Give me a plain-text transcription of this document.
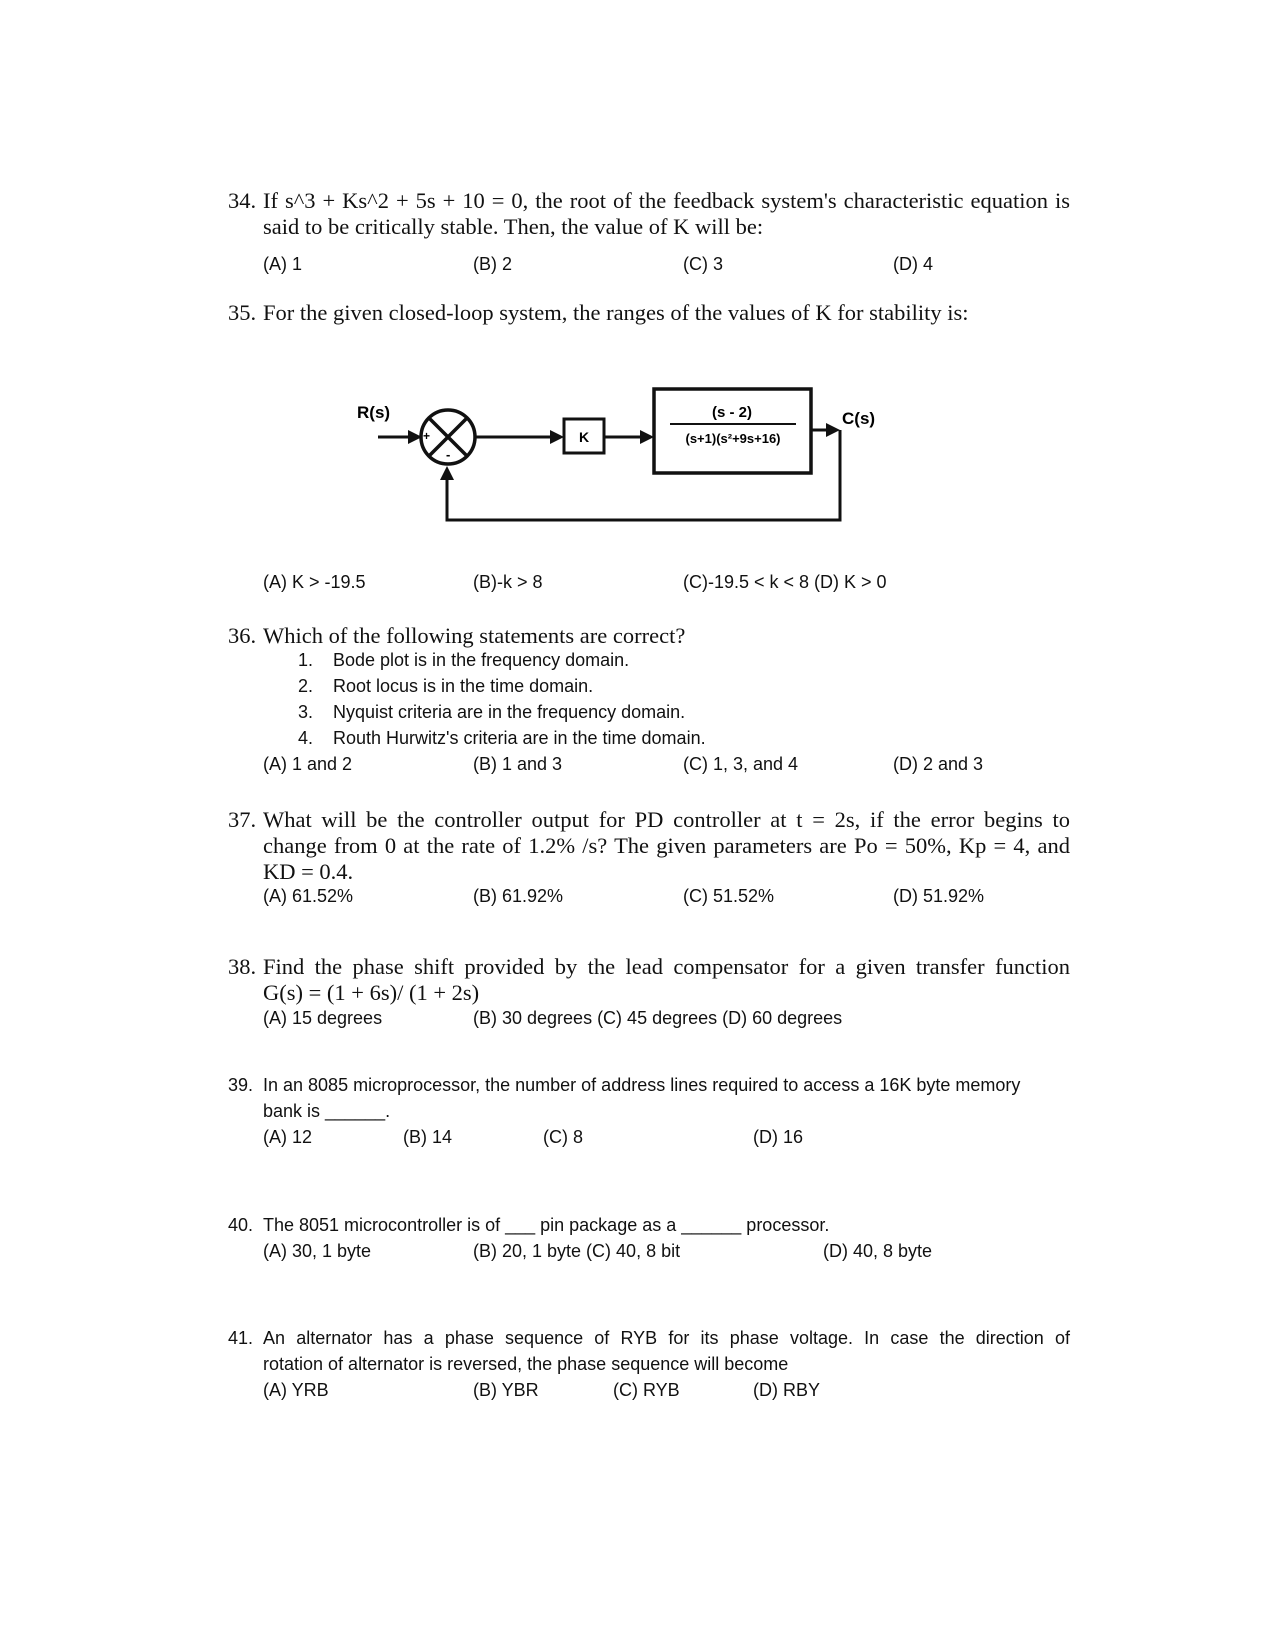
34. If s^3 + Ks^2 + 5s + 10 = 0, the root of the feedback system's characteristic equation is
said to be critically stable. Then, the value of K will be:
(A) 1	(B) 2	(C) 3	(D) 4
35. For the given closed-loop system, the ranges of the values of K for stability is:
R(s)
+
-
K
(s - 2)
(s+1)(s²+9s+16)
C(s)
(A) K > -19.5	(B)-k > 8	(C)-19.5 < k < 8 (D) K > 0
36. Which of the following statements are correct?
1. Bode plot is in the frequency domain.
2. Root locus is in the time domain.
3. Nyquist criteria are in the frequency domain.
4. Routh Hurwitz's criteria are in the time domain.
(A) 1 and 2	(B) 1 and 3	(C) 1, 3, and 4	(D) 2 and 3
37. What will be the controller output for PD controller at t = 2s, if the error begins to
change from 0 at the rate of 1.2% /s? The given parameters are Po = 50%, Kp = 4, and
KD = 0.4.
(A) 61.52%	(B) 61.92%	(C) 51.52%	(D) 51.92%
38. Find the phase shift provided by the lead compensator for a given transfer function
G(s) = (1 + 6s)/ (1 + 2s)
(A) 15 degrees	(B) 30 degrees (C) 45 degrees (D) 60 degrees
39. In an 8085 microprocessor, the number of address lines required to access a 16K byte memory
bank is ______.
(A) 12	(B) 14	(C) 8	(D) 16
40. The 8051 microcontroller is of ___ pin package as a ______ processor.
(A) 30, 1 byte	(B) 20, 1 byte (C) 40, 8 bit	(D) 40, 8 byte
41. An alternator has a phase sequence of RYB for its phase voltage. In case the direction of
rotation of alternator is reversed, the phase sequence will become
(A) YRB	(B) YBR	(C) RYB	(D) RBY
